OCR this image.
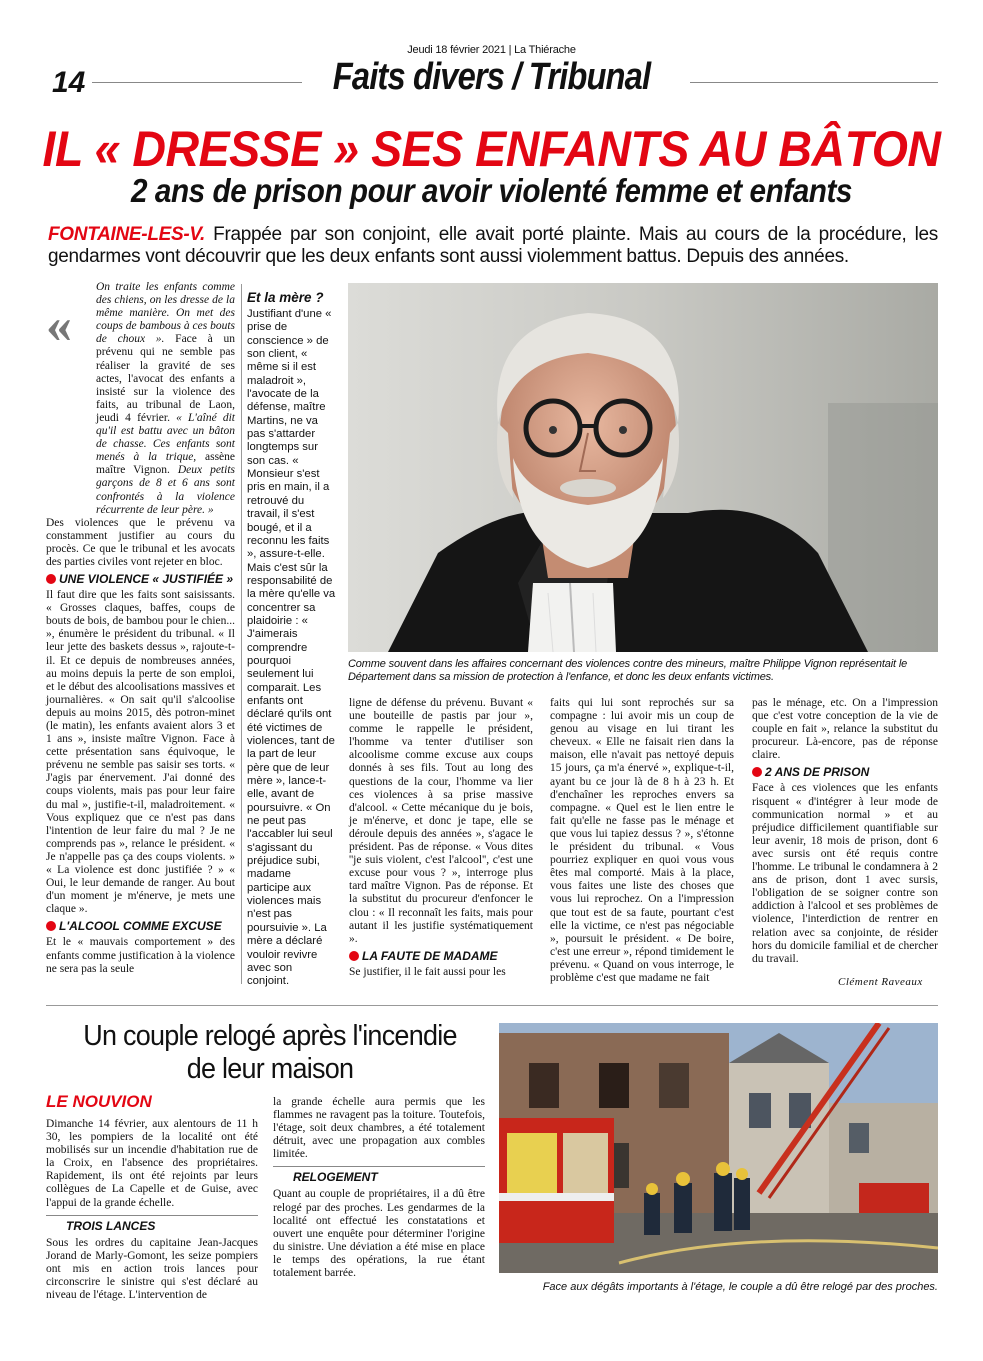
Jeudi 18 février 2021 | La Thiérache
14	Faits divers / Tribunal
IL « DRESSE » SES ENFANTS AU BÂTON
2 ans de prison pour avoir violenté femme et enfants
FONTAINE-LES-V. Frappée par son conjoint, elle avait porté plainte. Mais au cours de la procédure, les gendarmes vont découvrir que les deux enfants sont aussi violemment battus. Depuis des années.
«

On traite les enfants comme des chiens, on les dresse de la même manière. On met des coups de bambous à ces bouts de choux ». Face à un prévenu qui ne semble pas réaliser la gravité de ses actes, l'avocat des enfants a insisté sur la violence des faits, au tribunal de Laon, jeudi 4 février. « L'aîné dit qu'il est battu avec un bâton de chasse. Ces enfants sont menés à la trique, assène maître Vignon. Deux petits garçons de 8 et 6 ans sont confrontés à la violence récurrente de leur père. »

Des violences que le prévenu va constamment justifier au cours du procès. Ce que le tribunal et les avocats des parties civiles vont rejeter en bloc.

UNE VIOLENCE « JUSTIFIÉE »

Il faut dire que les faits sont saisissants. « Grosses claques, baffes, coups de bouts de bois, de bambou pour le chien... », énumère le président du tribunal. « Il leur jette des baskets dessus », rajoute-t-il. Et ce depuis de nombreuses années, au moins depuis la perte de son emploi, et le début des alcoolisations massives et journalières. « On sait qu'il s'alcoolise depuis au moins 2015, dès potron-minet (le matin), les enfants avaient alors 3 et 1 ans », insiste maître Vignon. Face à cette présentation sans équivoque, le prévenu ne semble pas saisir ses torts. « J'agis par énervement. J'ai donné des coups violents, mais pas pour leur faire du mal », justifie-t-il, maladroitement. « Vous expliquez que ce n'est pas dans l'intention de leur faire du mal ? Je ne comprends pas », relance le président. « Je n'appelle pas ça des coups violents. » « La violence est donc justifiée ? » « Oui, le leur demande de ranger. Au bout d'un moment je m'énerve, je mets une claque ».

L'ALCOOL COMME EXCUSE

Et le « mauvais comportement » des enfants comme justification à la violence ne sera pas la seule

Et la mère ?

Justifiant d'une « prise de conscience » de son client, « même si il est maladroit », l'avocate de la défense, maître Martins, ne va pas s'attarder longtemps sur son cas. « Monsieur s'est pris en main, il a retrouvé du travail, il s'est bougé, et il a reconnu les faits », assure-t-elle. Mais c'est sûr la responsabilité de la mère qu'elle va concentrer sa plaidoirie : « J'aimerais comprendre pourquoi seulement lui comparait. Les enfants ont déclaré qu'ils ont été victimes de violences, tant de la part de leur père que de leur mère », lance-t-elle, avant de poursuivre. « On ne peut pas l'accabler lui seul s'agissant du préjudice subi, madame participe aux violences mais n'est pas poursuivie ». La mère a déclaré vouloir revivre avec son conjoint.

Comme souvent dans les affaires concernant des violences contre des mineurs, maître Philippe Vignon représentait le Département dans sa mission de protection à l'enfance, et donc les deux enfants victimes.

ligne de défense du prévenu. Buvant « une bouteille de pastis par jour », comme le rappelle le président, l'homme va tenter d'utiliser son alcoolisme comme excuse aux coups donnés à ses fils. Tout au long des questions de la cour, l'homme va lier ces violences à sa prise massive d'alcool. « Cette mécanique du je bois, je m'énerve, et donc je tape, elle se déroule depuis des années », s'agace le président. Pas de réponse. « Vous dites ''je suis violent, c'est l'alcool'', c'est une excuse pour vous ? », interroge plus tard maître Vignon. Pas de réponse. Et la substitut du procureur d'enfoncer le clou : « Il reconnaît les faits, mais pour autant il les justifie systématiquement ».

LA FAUTE DE MADAME

Se justifier, il le fait aussi pour les

faits qui lui sont reprochés sur sa compagne : lui avoir mis un coup de genou au visage en lui tirant les cheveux. « Elle ne faisait rien dans la maison, elle n'avait pas nettoyé depuis 15 jours, ça m'a énervé », explique-t-il, ayant bu ce jour là de 8 h à 23 h. Et d'enchaîner les reproches envers sa compagne. « Quel est le lien entre le fait qu'elle ne fasse pas le ménage et que vous lui tapiez dessus ? », s'étonne le président du tribunal. « Vous pourriez expliquer en quoi vous vous êtes mal comporté. Mais à la place, vous faites une liste des choses que vous lui reprochez. On a l'impression que tout est de sa faute, pourtant c'est elle la victime, ce n'est pas négociable », poursuit le président. « De boire, c'est une erreur », répond timidement le prévenu. « Quand on vous interroge, le problème c'est que madame ne fait

pas le ménage, etc. On a l'impression que c'est votre conception de la vie de couple en fait », relance la substitut du procureur. Là-encore, pas de réponse claire.

2 ANS DE PRISON

Face à ces violences que les enfants risquent « d'intégrer à leur mode de communication normal » et au préjudice difficilement quantifiable sur leur avenir, 18 mois de prison, dont 6 avec sursis ont été requis contre l'homme. Le tribunal le condamnera à 2 ans de prison, dont 1 avec sursis, l'obligation de se soigner contre son addiction à l'alcool et ses problèmes de violence, l'interdiction de rentrer en relation avec sa conjointe, de résider hors du domicile familial et de chercher du travail.

Clément Raveaux
Un couple relogé après l'incendie
de leur maison
LE NOUVION

Dimanche 14 février, aux alentours de 11 h 30, les pompiers de la localité ont été mobilisés sur un incendie d'habitation rue de la Croix, en l'absence des propriétaires. Rapidement, ils ont été rejoints par leurs collègues de La Capelle et de Guise, avec l'appui de la grande échelle.

TROIS LANCES

Sous les ordres du capitaine Jean-Jacques Jorand de Marly-Gomont, les seize pompiers ont mis en action trois lances pour circonscrire le sinistre qui s'est déclaré au niveau de l'étage. L'intervention de

la grande échelle aura permis que les flammes ne ravagent pas la toiture. Toutefois, l'étage, soit deux chambres, a été totalement détruit, avec une propagation aux combles limitée.

RELOGEMENT

Quant au couple de propriétaires, il a dû être relogé par des proches. Les gendarmes de la localité ont effectué les constatations et ouvert une enquête pour déterminer l'origine du sinistre. Une déviation a été mise en place le temps des opérations, la rue étant totalement barrée.

Face aux dégâts importants à l'étage, le couple a dû être relogé par des proches.
